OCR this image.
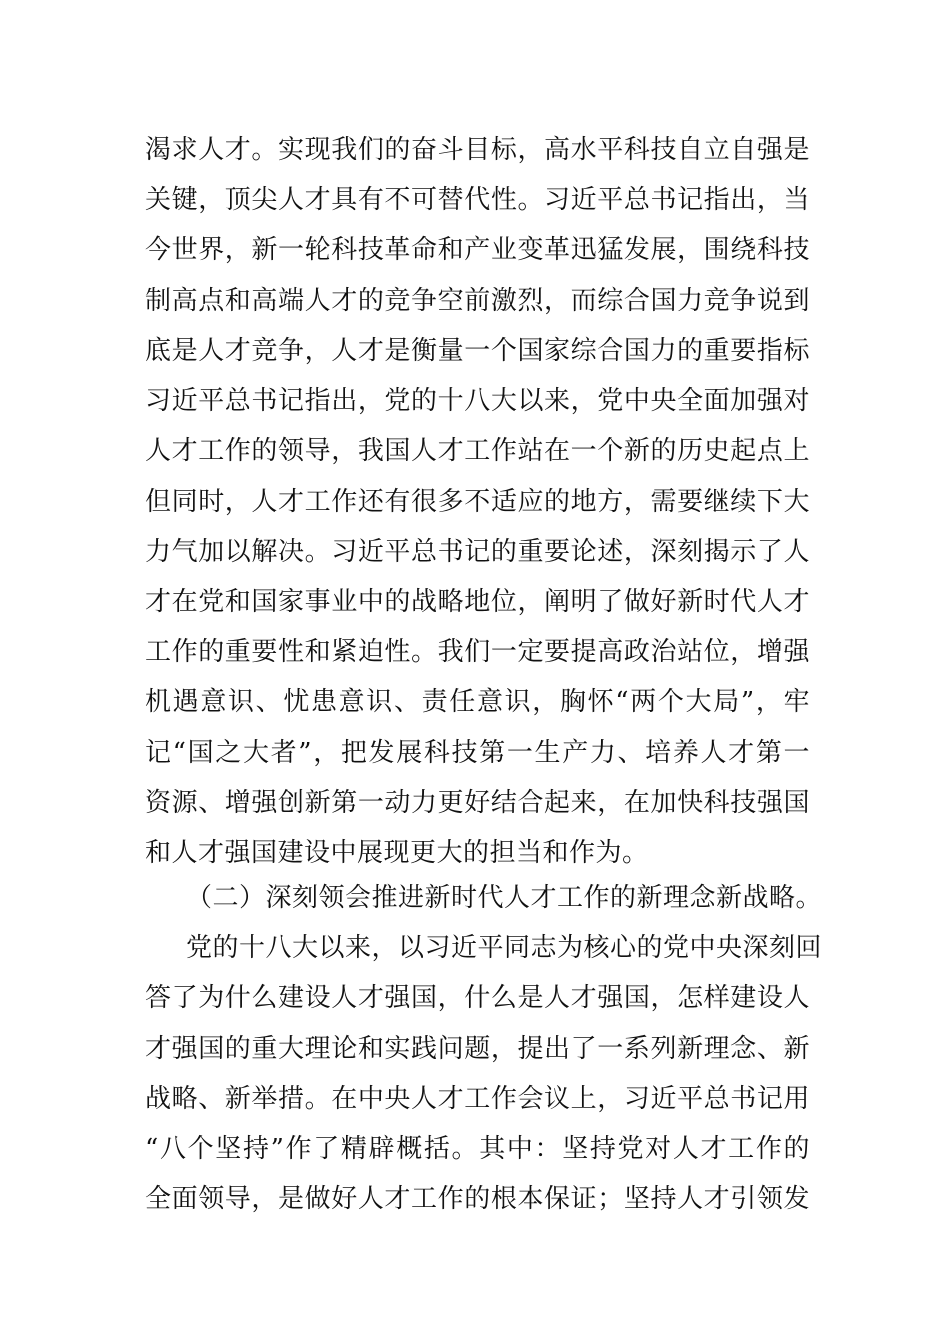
渴求人才。实现我们的奋斗目标，高水平科技自立自强是
关键，顶尖人才具有不可替代性。习近平总书记指出，当
今世界，新一轮科技革命和产业变革迅猛发展，围绕科技
制高点和高端人才的竞争空前激烈，而综合国力竞争说到
底是人才竞争，人才是衡量一个国家综合国力的重要指标
习近平总书记指出，党的十八大以来，党中央全面加强对
人才工作的领导，我国人才工作站在一个新的历史起点上
但同时，人才工作还有很多不适应的地方，需要继续下大
力气加以解决。习近平总书记的重要论述，深刻揭示了人
才在党和国家事业中的战略地位，阐明了做好新时代人才
工作的重要性和紧迫性。我们一定要提高政治站位，增强
机遇意识、忧患意识、责任意识，胸怀“两个大局”，牢
记“国之大者”，把发展科技第一生产力、培养人才第一
资源、增强创新第一动力更好结合起来，在加快科技强国
和人才强国建设中展现更大的担当和作为。
（二）深刻领会推进新时代人才工作的新理念新战略。
党的十八大以来，以习近平同志为核心的党中央深刻回
答了为什么建设人才强国，什么是人才强国，怎样建设人
才强国的重大理论和实践问题，提出了一系列新理念、新
战略、新举措。在中央人才工作会议上，习近平总书记用
“八个坚持”作了精辟概括。其中：坚持党对人才工作的
全面领导，是做好人才工作的根本保证；坚持人才引领发
